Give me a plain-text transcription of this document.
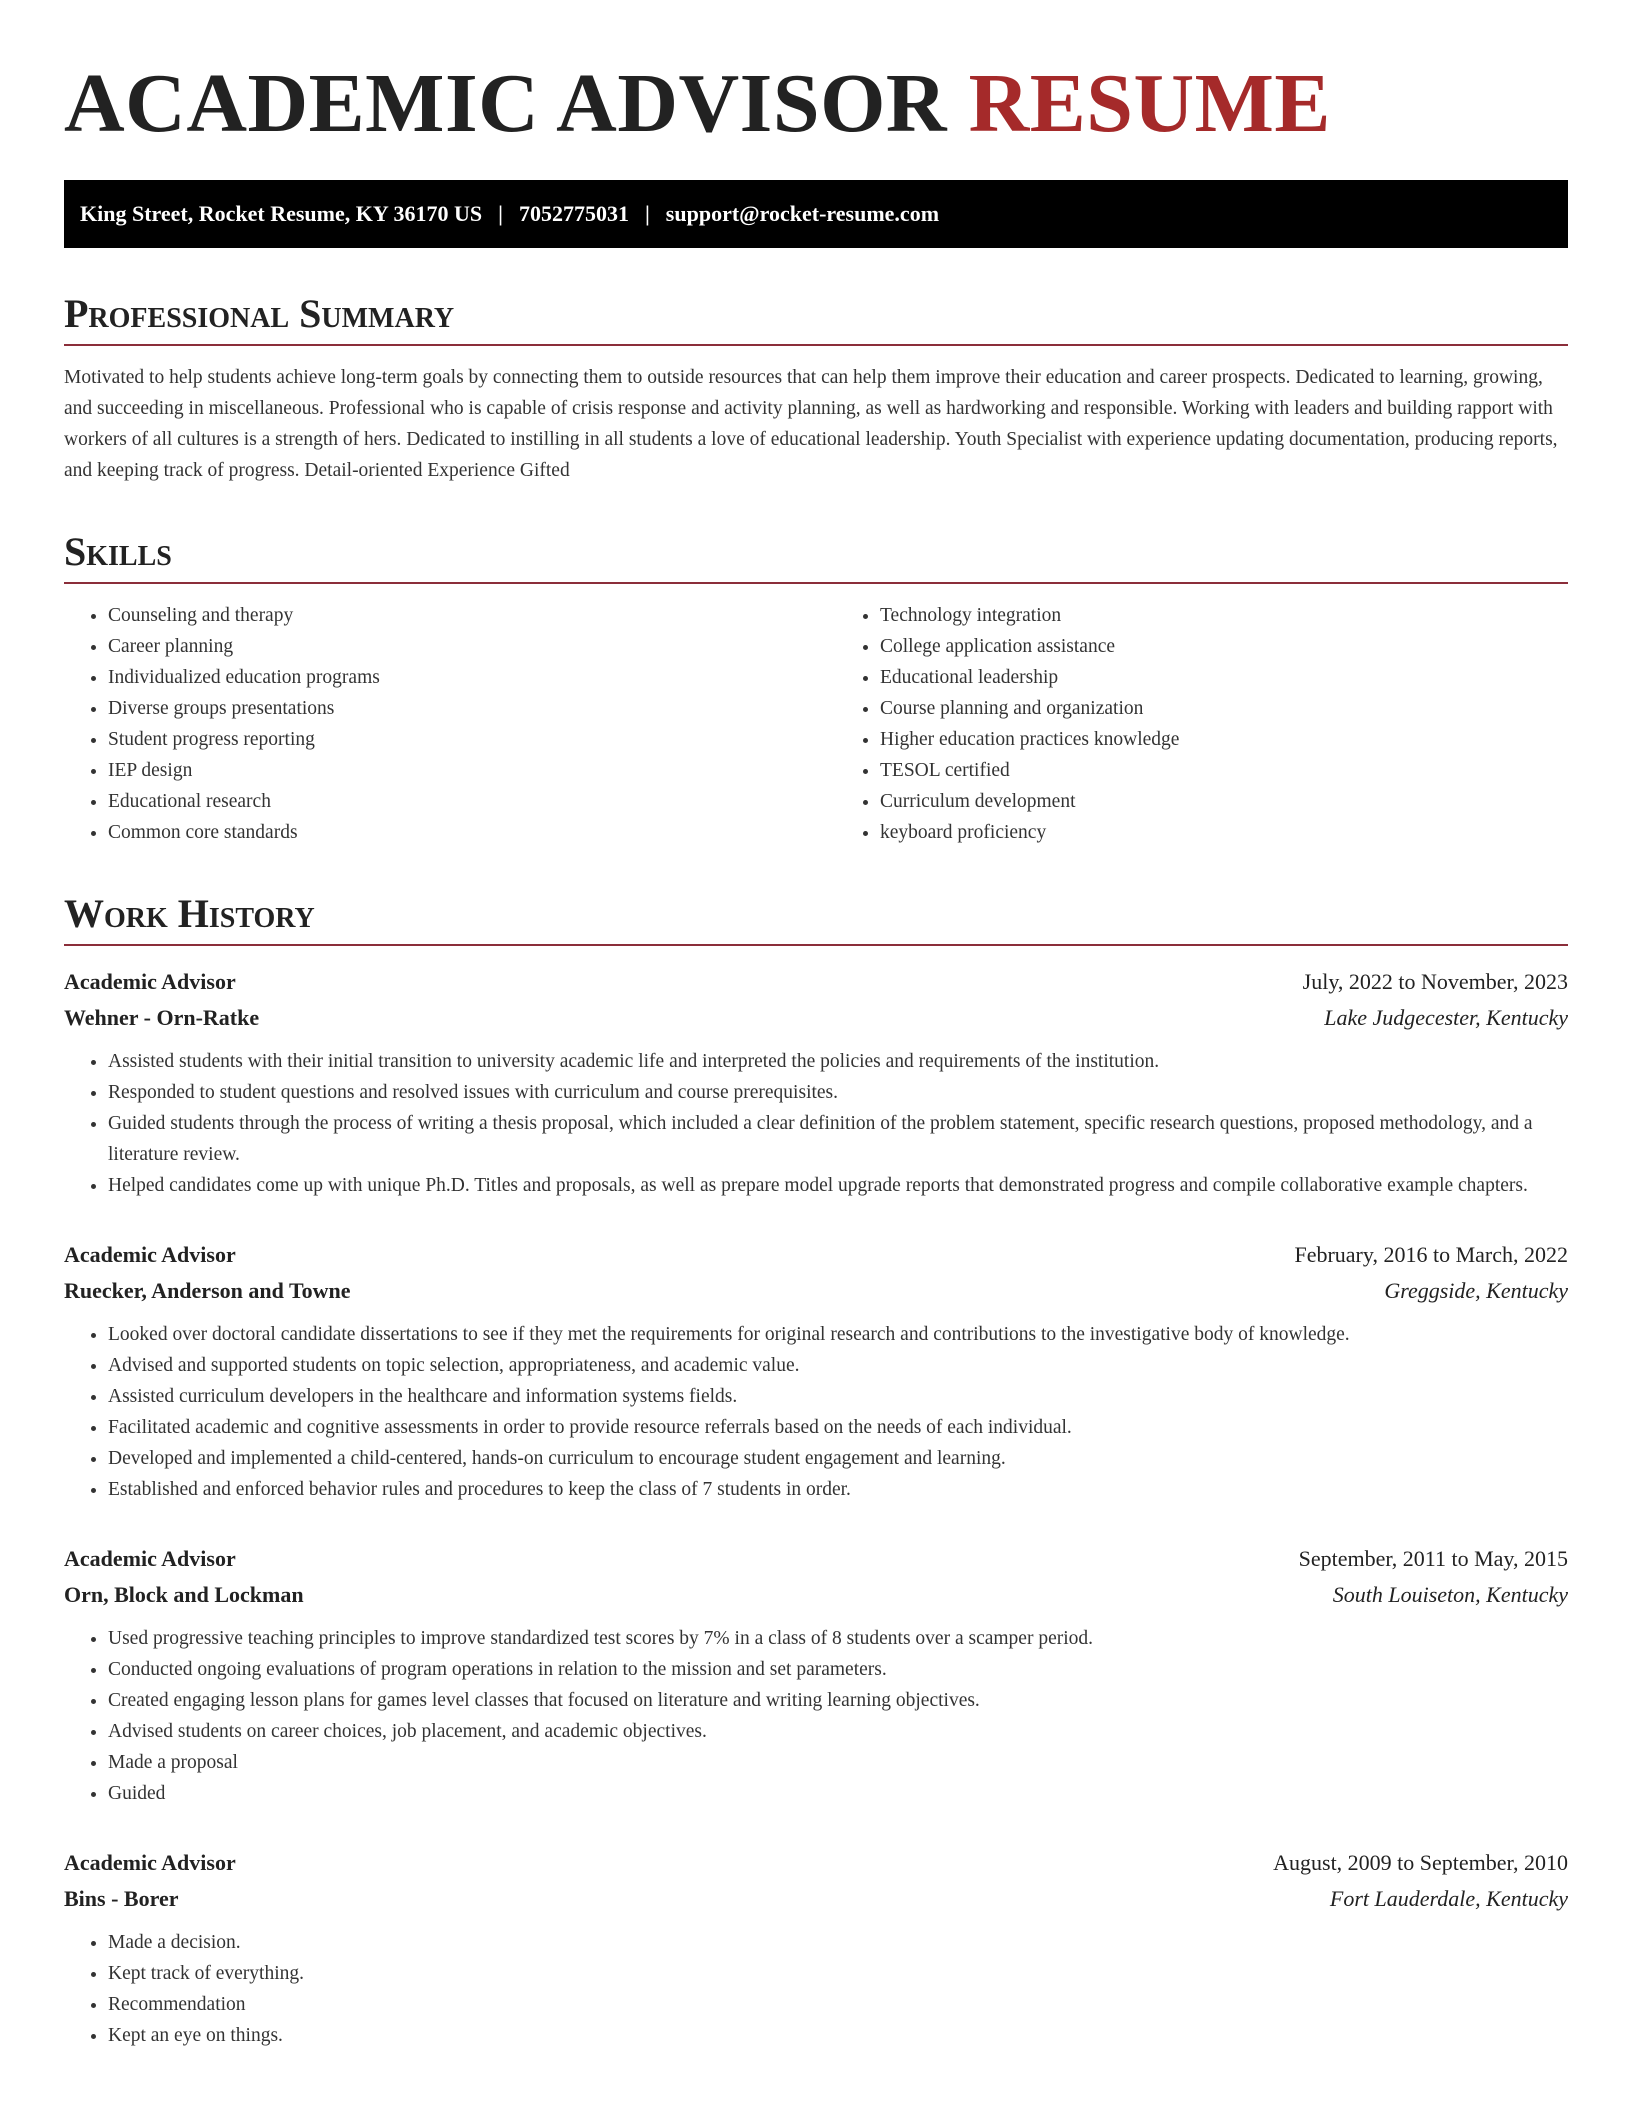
ACADEMIC ADVISOR RESUME
King Street, Rocket Resume, KY 36170 US | 7052775031 | support@rocket-resume.com
Professional Summary

Motivated to help students achieve long-term goals by connecting them to outside resources that can help them improve their education and career prospects. Dedicated to learning, growing, and succeeding in miscellaneous. Professional who is capable of crisis response and activity planning, as well as hardworking and responsible. Working with leaders and building rapport with workers of all cultures is a strength of hers. Dedicated to instilling in all students a love of educational leadership. Youth Specialist with experience updating documentation, producing reports, and keeping track of progress. Detail-oriented Experience Gifted

Skills
• Counseling and therapy
• Career planning
• Individualized education programs
• Diverse groups presentations
• Student progress reporting
• IEP design
• Educational research
• Common core standards
• Technology integration
• College application assistance
• Educational leadership
• Course planning and organization
• Higher education practices knowledge
• TESOL certified
• Curriculum development
• keyboard proficiency
Work History
Academic Advisor	July, 2022 to November, 2023
Wehner - Orn-Ratke	Lake Judgecester, Kentucky
• Assisted students with their initial transition to university academic life and interpreted the policies and requirements of the institution.
• Responded to student questions and resolved issues with curriculum and course prerequisites.
• Guided students through the process of writing a thesis proposal, which included a clear definition of the problem statement, specific research questions, proposed methodology, and a literature review.
• Helped candidates come up with unique Ph.D. Titles and proposals, as well as prepare model upgrade reports that demonstrated progress and compile collaborative example chapters.
Academic Advisor	February, 2016 to March, 2022
Ruecker, Anderson and Towne	Greggside, Kentucky
• Looked over doctoral candidate dissertations to see if they met the requirements for original research and contributions to the investigative body of knowledge.
• Advised and supported students on topic selection, appropriateness, and academic value.
• Assisted curriculum developers in the healthcare and information systems fields.
• Facilitated academic and cognitive assessments in order to provide resource referrals based on the needs of each individual.
• Developed and implemented a child-centered, hands-on curriculum to encourage student engagement and learning.
• Established and enforced behavior rules and procedures to keep the class of 7 students in order.
Academic Advisor	September, 2011 to May, 2015
Orn, Block and Lockman	South Louiseton, Kentucky
• Used progressive teaching principles to improve standardized test scores by 7% in a class of 8 students over a scamper period.
• Conducted ongoing evaluations of program operations in relation to the mission and set parameters.
• Created engaging lesson plans for games level classes that focused on literature and writing learning objectives.
• Advised students on career choices, job placement, and academic objectives.
• Made a proposal
• Guided
Academic Advisor	August, 2009 to September, 2010
Bins - Borer	Fort Lauderdale, Kentucky
• Made a decision.
• Kept track of everything.
• Recommendation
• Kept an eye on things.
